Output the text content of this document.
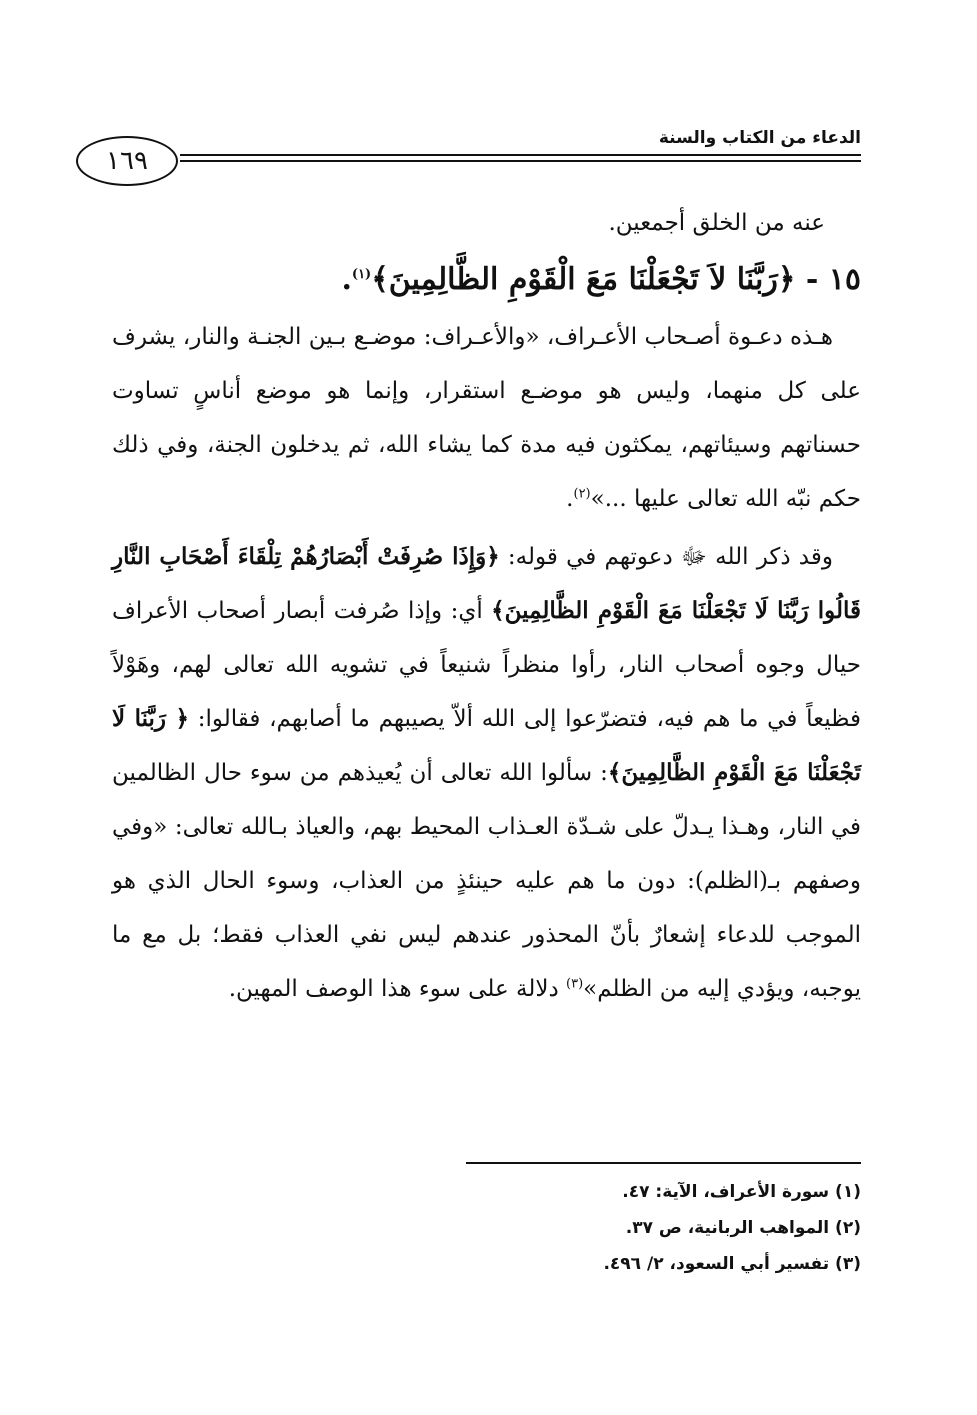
الدعاء من الكتاب والسنة
١٦٩

عنه من الخلق أجمعين.

١٥ - ﴿رَبَّنَا لاَ تَجْعَلْنَا مَعَ الْقَوْمِ الظَّالِمِينَ﴾$^{(١)}$.

هـذه دعـوة أصـحاب الأعـراف، «والأعـراف: موضـع بـين الجنـة والنار، يشرف على كل منهما، وليس هو موضـع استقرار، وإنما هو موضع أناسٍ تساوت حسناتهم وسيئاتهم، يمكثون فيه مدة كما يشاء الله، ثم يدخلون الجنة، وفي ذلك حكم نبّه الله تعالى عليها ...»$^{(٢)}$.

وقد ذكر الله ﷻ دعوتهم في قوله: ﴿وَإِذَا صُرِفَتْ أَبْصَارُهُمْ تِلْقَاءَ أَصْحَابِ النَّارِ قَالُوا رَبَّنَا لَا تَجْعَلْنَا مَعَ الْقَوْمِ الظَّالِمِينَ﴾ أي: وإذا صُرفت أبصار أصحاب الأعراف حيال وجوه أصحاب النار، رأوا منظراً شنيعاً في تشويه الله تعالى لهم، وهَوْلاً فظيعاً في ما هم فيه، فتضرّعوا إلى الله ألاّ يصيبهم ما أصابهم، فقالوا: ﴿ رَبَّنَا لَا تَجْعَلْنَا مَعَ الْقَوْمِ الظَّالِمِينَ﴾: سألوا الله تعالى أن يُعيذهم من سوء حال الظالمين في النار، وهـذا يـدلّ على شـدّة العـذاب المحيط بهم، والعياذ بـالله تعالى: «وفي وصفهم بـ(الظلم): دون ما هم عليه حينئذٍ من العذاب، وسوء الحال الذي هو الموجب للدعاء إشعارٌ بأنّ المحذور عندهم ليس نفي العذاب فقط؛ بل مع ما يوجبه، ويؤدي إليه من الظلم»$^{(٣)}$ دلالة على سوء هذا الوصف المهين.

(١) سورة الأعراف، الآية: ٤٧.
(٢) المواهب الربانية، ص ٣٧.
(٣) تفسير أبي السعود، ٢/ ٤٩٦.
